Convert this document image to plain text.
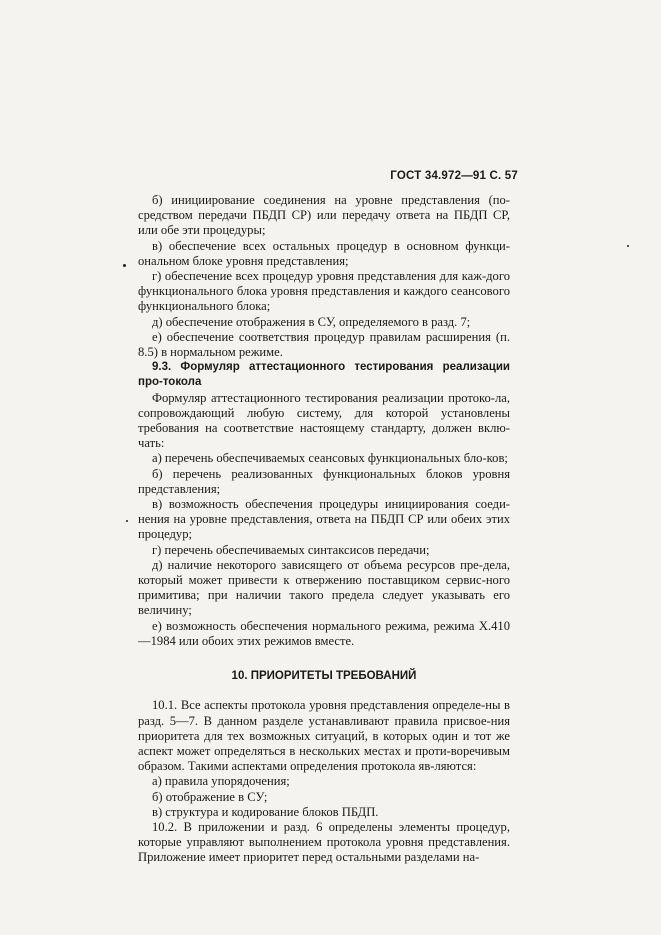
ГОСТ 34.972—91 С. 57

б) инициирование соединения на уровне представления (по-средством передачи ПБДП СР) или передачу ответа на ПБДП СР, или обе эти процедуры;

в) обеспечение всех остальных процедур в основном функци-ональном блоке уровня представления;

г) обеспечение всех процедур уровня представления для каж-дого функционального блока уровня представления и каждого сеансового функционального блока;

д) обеспечение отображения в СУ, определяемого в разд. 7;

е) обеспечение соответствия процедур правилам расширения (п. 8.5) в нормальном режиме.

9.3. Формуляр аттестационного тестирования реализации про-токола

Формуляр аттестационного тестирования реализации протоко-ла, сопровождающий любую систему, для которой установлены требования на соответствие настоящему стандарту, должен вклю-чать:

а) перечень обеспечиваемых сеансовых функциональных бло-ков;

б) перечень реализованных функциональных блоков уровня представления;

в) возможность обеспечения процедуры инициирования соеди-нения на уровне представления, ответа на ПБДП СР или обеих этих процедур;

г) перечень обеспечиваемых синтаксисов передачи;

д) наличие некоторого зависящего от объема ресурсов пре-дела, который может привести к отвержению поставщиком сервис-ного примитива; при наличии такого предела следует указывать его величину;

е) возможность обеспечения нормального режима, режима Х.410—1984 или обоих этих режимов вместе.

10. ПРИОРИТЕТЫ ТРЕБОВАНИЙ

10.1. Все аспекты протокола уровня представления определе-ны в разд. 5—7. В данном разделе устанавливают правила присвое-ния приоритета для тех возможных ситуаций, в которых один и тот же аспект может определяться в нескольких местах и проти-воречивым образом. Такими аспектами определения протокола яв-ляются:

а) правила упорядочения;

б) отображение в СУ;

в) структура и кодирование блоков ПБДП.

10.2. В приложении и разд. 6 определены элементы процедур, которые управляют выполнением протокола уровня представления. Приложение имеет приоритет перед остальными разделами на-
